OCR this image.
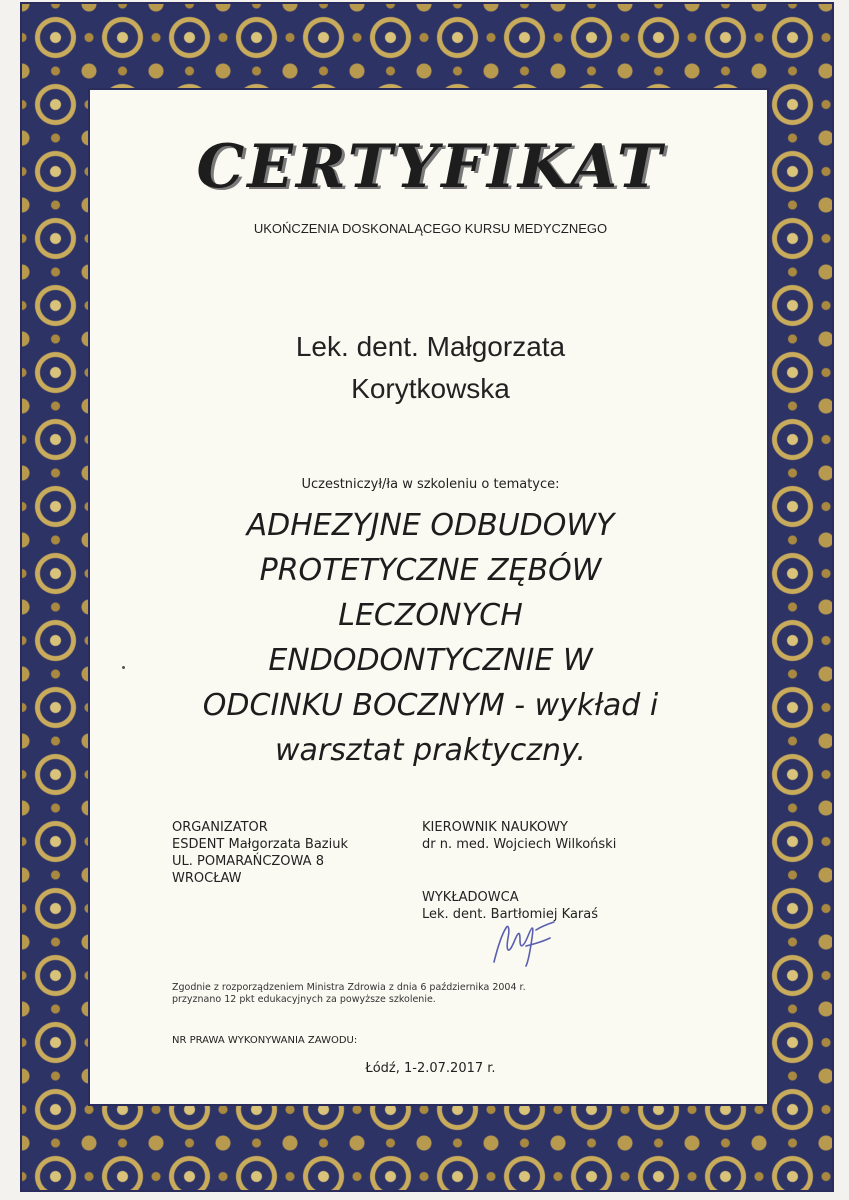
CERTYFIKAT
UKOŃCZENIA DOSKONALĄCEGO KURSU MEDYCZNEGO
Lek. dent. Małgorzata
Korytkowska
Uczestniczył/ła w szkoleniu o tematyce:
ADHEZYJNE ODBUDOWY
PROTETYCZNE ZĘBÓW
LECZONYCH
ENDODONTYCZNIE W
ODCINKU BOCZNYM - wykład i
warsztat praktyczny.
ORGANIZATOR
ESDENT Małgorzata Baziuk
UL. POMARAŃCZOWA 8
WROCŁAW
KIEROWNIK NAUKOWY
dr n. med. Wojciech Wilkoński
WYKŁADOWCA
Lek. dent. Bartłomiej Karaś
Zgodnie z rozporządzeniem Ministra Zdrowia z dnia 6 października 2004 r.
przyznano 12 pkt edukacyjnych za powyższe szkolenie.
NR PRAWA WYKONYWANIA ZAWODU:
Łódź, 1-2.07.2017 r.
